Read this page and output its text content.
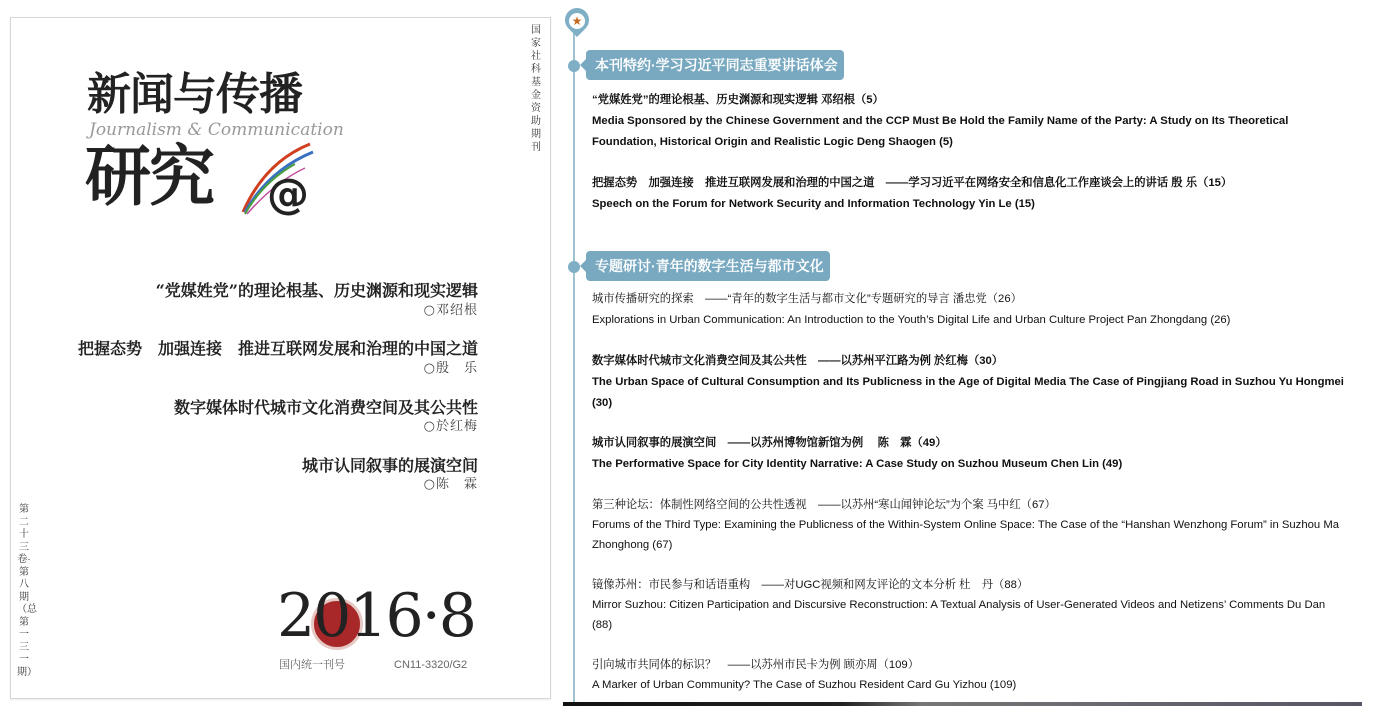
国家社科基金资助期刊
新闻与传播
Journalism & Communication
研究 @
“党媒姓党”的理论根基、历史渊源和现实逻辑
○邓绍根
把握态势　加强连接　推进互联网发展和治理的中国之道
○殷　乐
数字媒体时代城市文化消费空间及其公共性
○於红梅
城市认同叙事的展演空间
○陈　霖
第二十三卷·第八期（总第一三一期）
2016·8
国内统一刊号	CN11-3320/G2
★
本刊特约·学习习近平同志重要讲话体会
“党媒姓党”的理论根基、历史渊源和现实逻辑 邓绍根（5）
Media Sponsored by the Chinese Government and the CCP Must Be Hold the Family Name of the Party: A Study on Its Theoretical
Foundation, Historical Origin and Realistic Logic Deng Shaogen (5)
把握态势　加强连接　推进互联网发展和治理的中国之道　——学习习近平在网络安全和信息化工作座谈会上的讲话 殷 乐（15）
Speech on the Forum for Network Security and Information Technology Yin Le (15)
专题研讨·青年的数字生活与都市文化
城市传播研究的探索　——“青年的数字生活与都市文化”专题研究的导言 潘忠党（26）
Explorations in Urban Communication: An Introduction to the Youth’s Digital Life and Urban Culture Project Pan Zhongdang (26)
数字媒体时代城市文化消费空间及其公共性　——以苏州平江路为例 於红梅（30）
The Urban Space of Cultural Consumption and Its Publicness in the Age of Digital Media The Case of Pingjiang Road in Suzhou Yu Hongmei
(30)
城市认同叙事的展演空间　——以苏州博物馆新馆为例　 陈　霖（49）
The Performative Space for City Identity Narrative: A Case Study on Suzhou Museum Chen Lin (49)
第三种论坛：体制性网络空间的公共性透视　——以苏州“寒山闻钟论坛”为个案 马中红（67）
Forums of the Third Type: Examining the Publicness of the Within-System Online Space: The Case of the “Hanshan Wenzhong Forum” in Suzhou Ma
Zhonghong (67)
镜像苏州：市民参与和话语重构　——对UGC视频和网友评论的文本分析 杜　丹（88）
Mirror Suzhou: Citizen Participation and Discursive Reconstruction: A Textual Analysis of User-Generated Videos and Netizens’ Comments Du Dan
(88)
引向城市共同体的标识？　——以苏州市民卡为例 顾亦周（109）
A Marker of Urban Community? The Case of Suzhou Resident Card Gu Yizhou (109)
